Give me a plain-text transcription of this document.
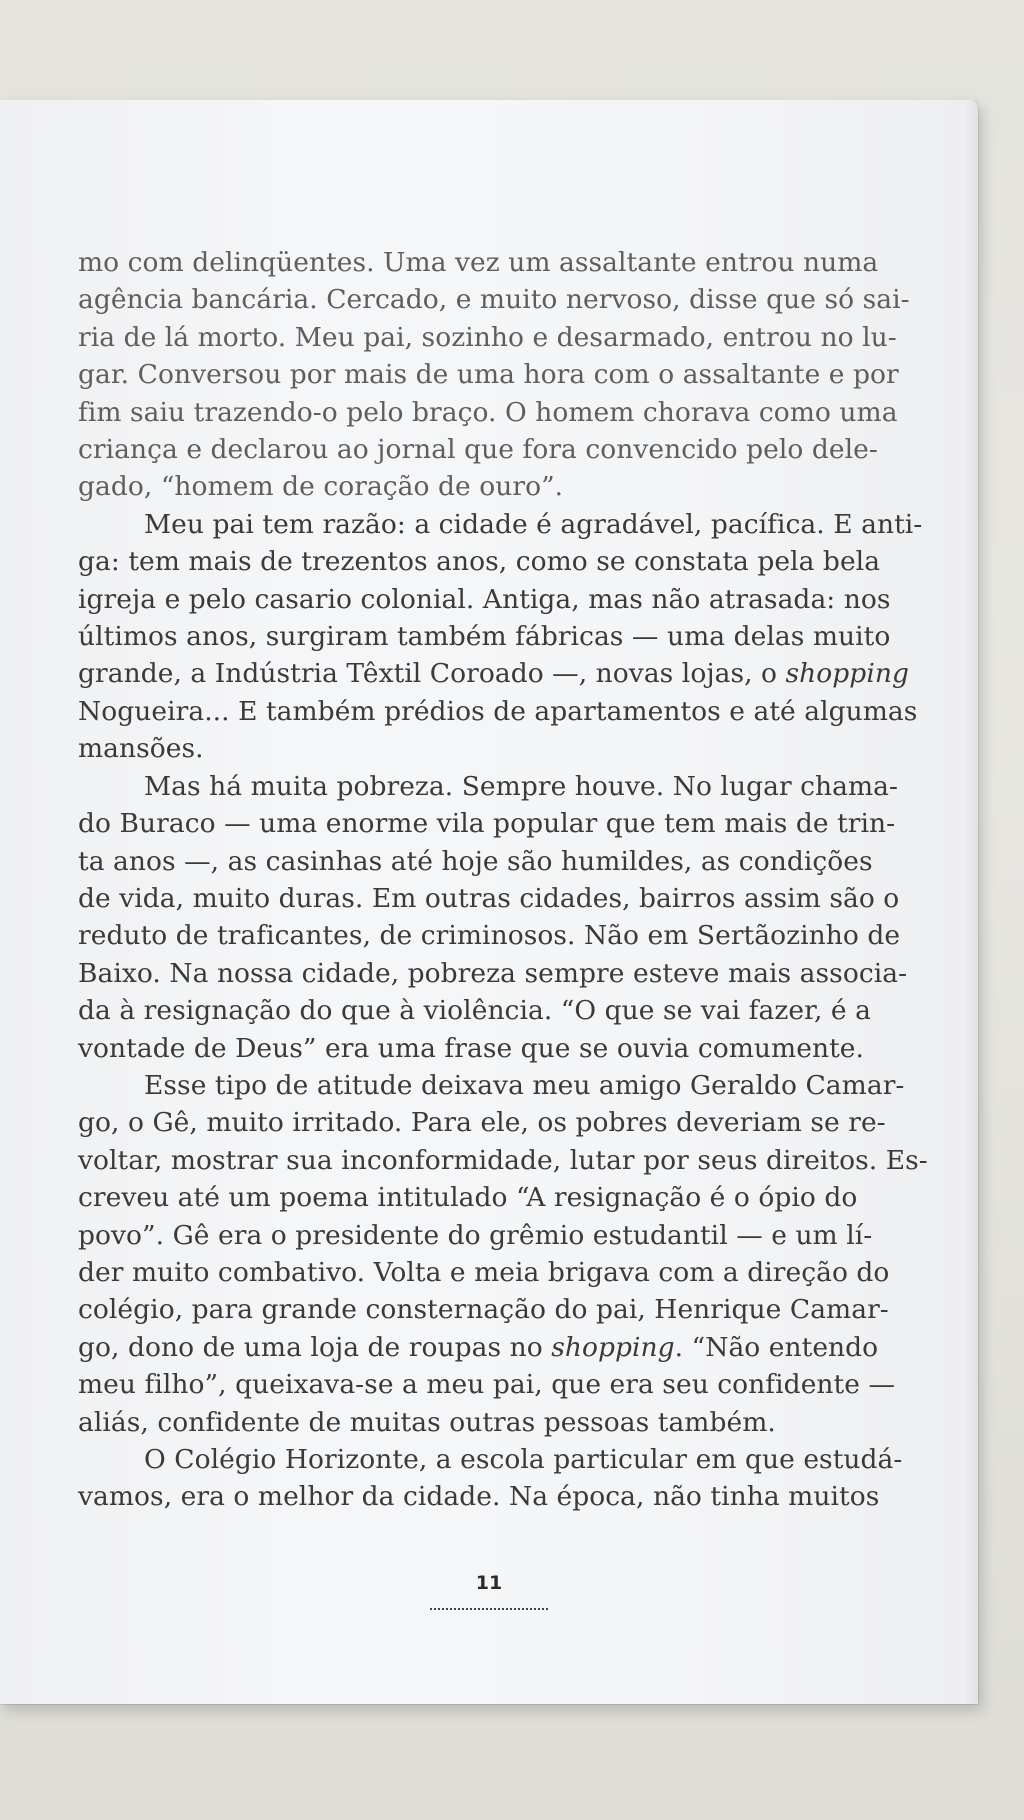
mo com delinqüentes. Uma vez um assaltante entrou numa
agência bancária. Cercado, e muito nervoso, disse que só sai-
ria de lá morto. Meu pai, sozinho e desarmado, entrou no lu-
gar. Conversou por mais de uma hora com o assaltante e por
fim saiu trazendo-o pelo braço. O homem chorava como uma
criança e declarou ao jornal que fora convencido pelo dele-
gado, “homem de coração de ouro”.
Meu pai tem razão: a cidade é agradável, pacífica. E anti-
ga: tem mais de trezentos anos, como se constata pela bela
igreja e pelo casario colonial. Antiga, mas não atrasada: nos
últimos anos, surgiram também fábricas — uma delas muito
grande, a Indústria Têxtil Coroado —, novas lojas, o shopping
Nogueira... E também prédios de apartamentos e até algumas
mansões.
Mas há muita pobreza. Sempre houve. No lugar chama-
do Buraco — uma enorme vila popular que tem mais de trin-
ta anos —, as casinhas até hoje são humildes, as condições
de vida, muito duras. Em outras cidades, bairros assim são o
reduto de traficantes, de criminosos. Não em Sertãozinho de
Baixo. Na nossa cidade, pobreza sempre esteve mais associa-
da à resignação do que à violência. “O que se vai fazer, é a
vontade de Deus” era uma frase que se ouvia comumente.
Esse tipo de atitude deixava meu amigo Geraldo Camar-
go, o Gê, muito irritado. Para ele, os pobres deveriam se re-
voltar, mostrar sua inconformidade, lutar por seus direitos. Es-
creveu até um poema intitulado “A resignação é o ópio do
povo”. Gê era o presidente do grêmio estudantil — e um lí-
der muito combativo. Volta e meia brigava com a direção do
colégio, para grande consternação do pai, Henrique Camar-
go, dono de uma loja de roupas no shopping. “Não entendo
meu filho”, queixava-se a meu pai, que era seu confidente —
aliás, confidente de muitas outras pessoas também.
O Colégio Horizonte, a escola particular em que estudá-
vamos, era o melhor da cidade. Na época, não tinha muitos

11
